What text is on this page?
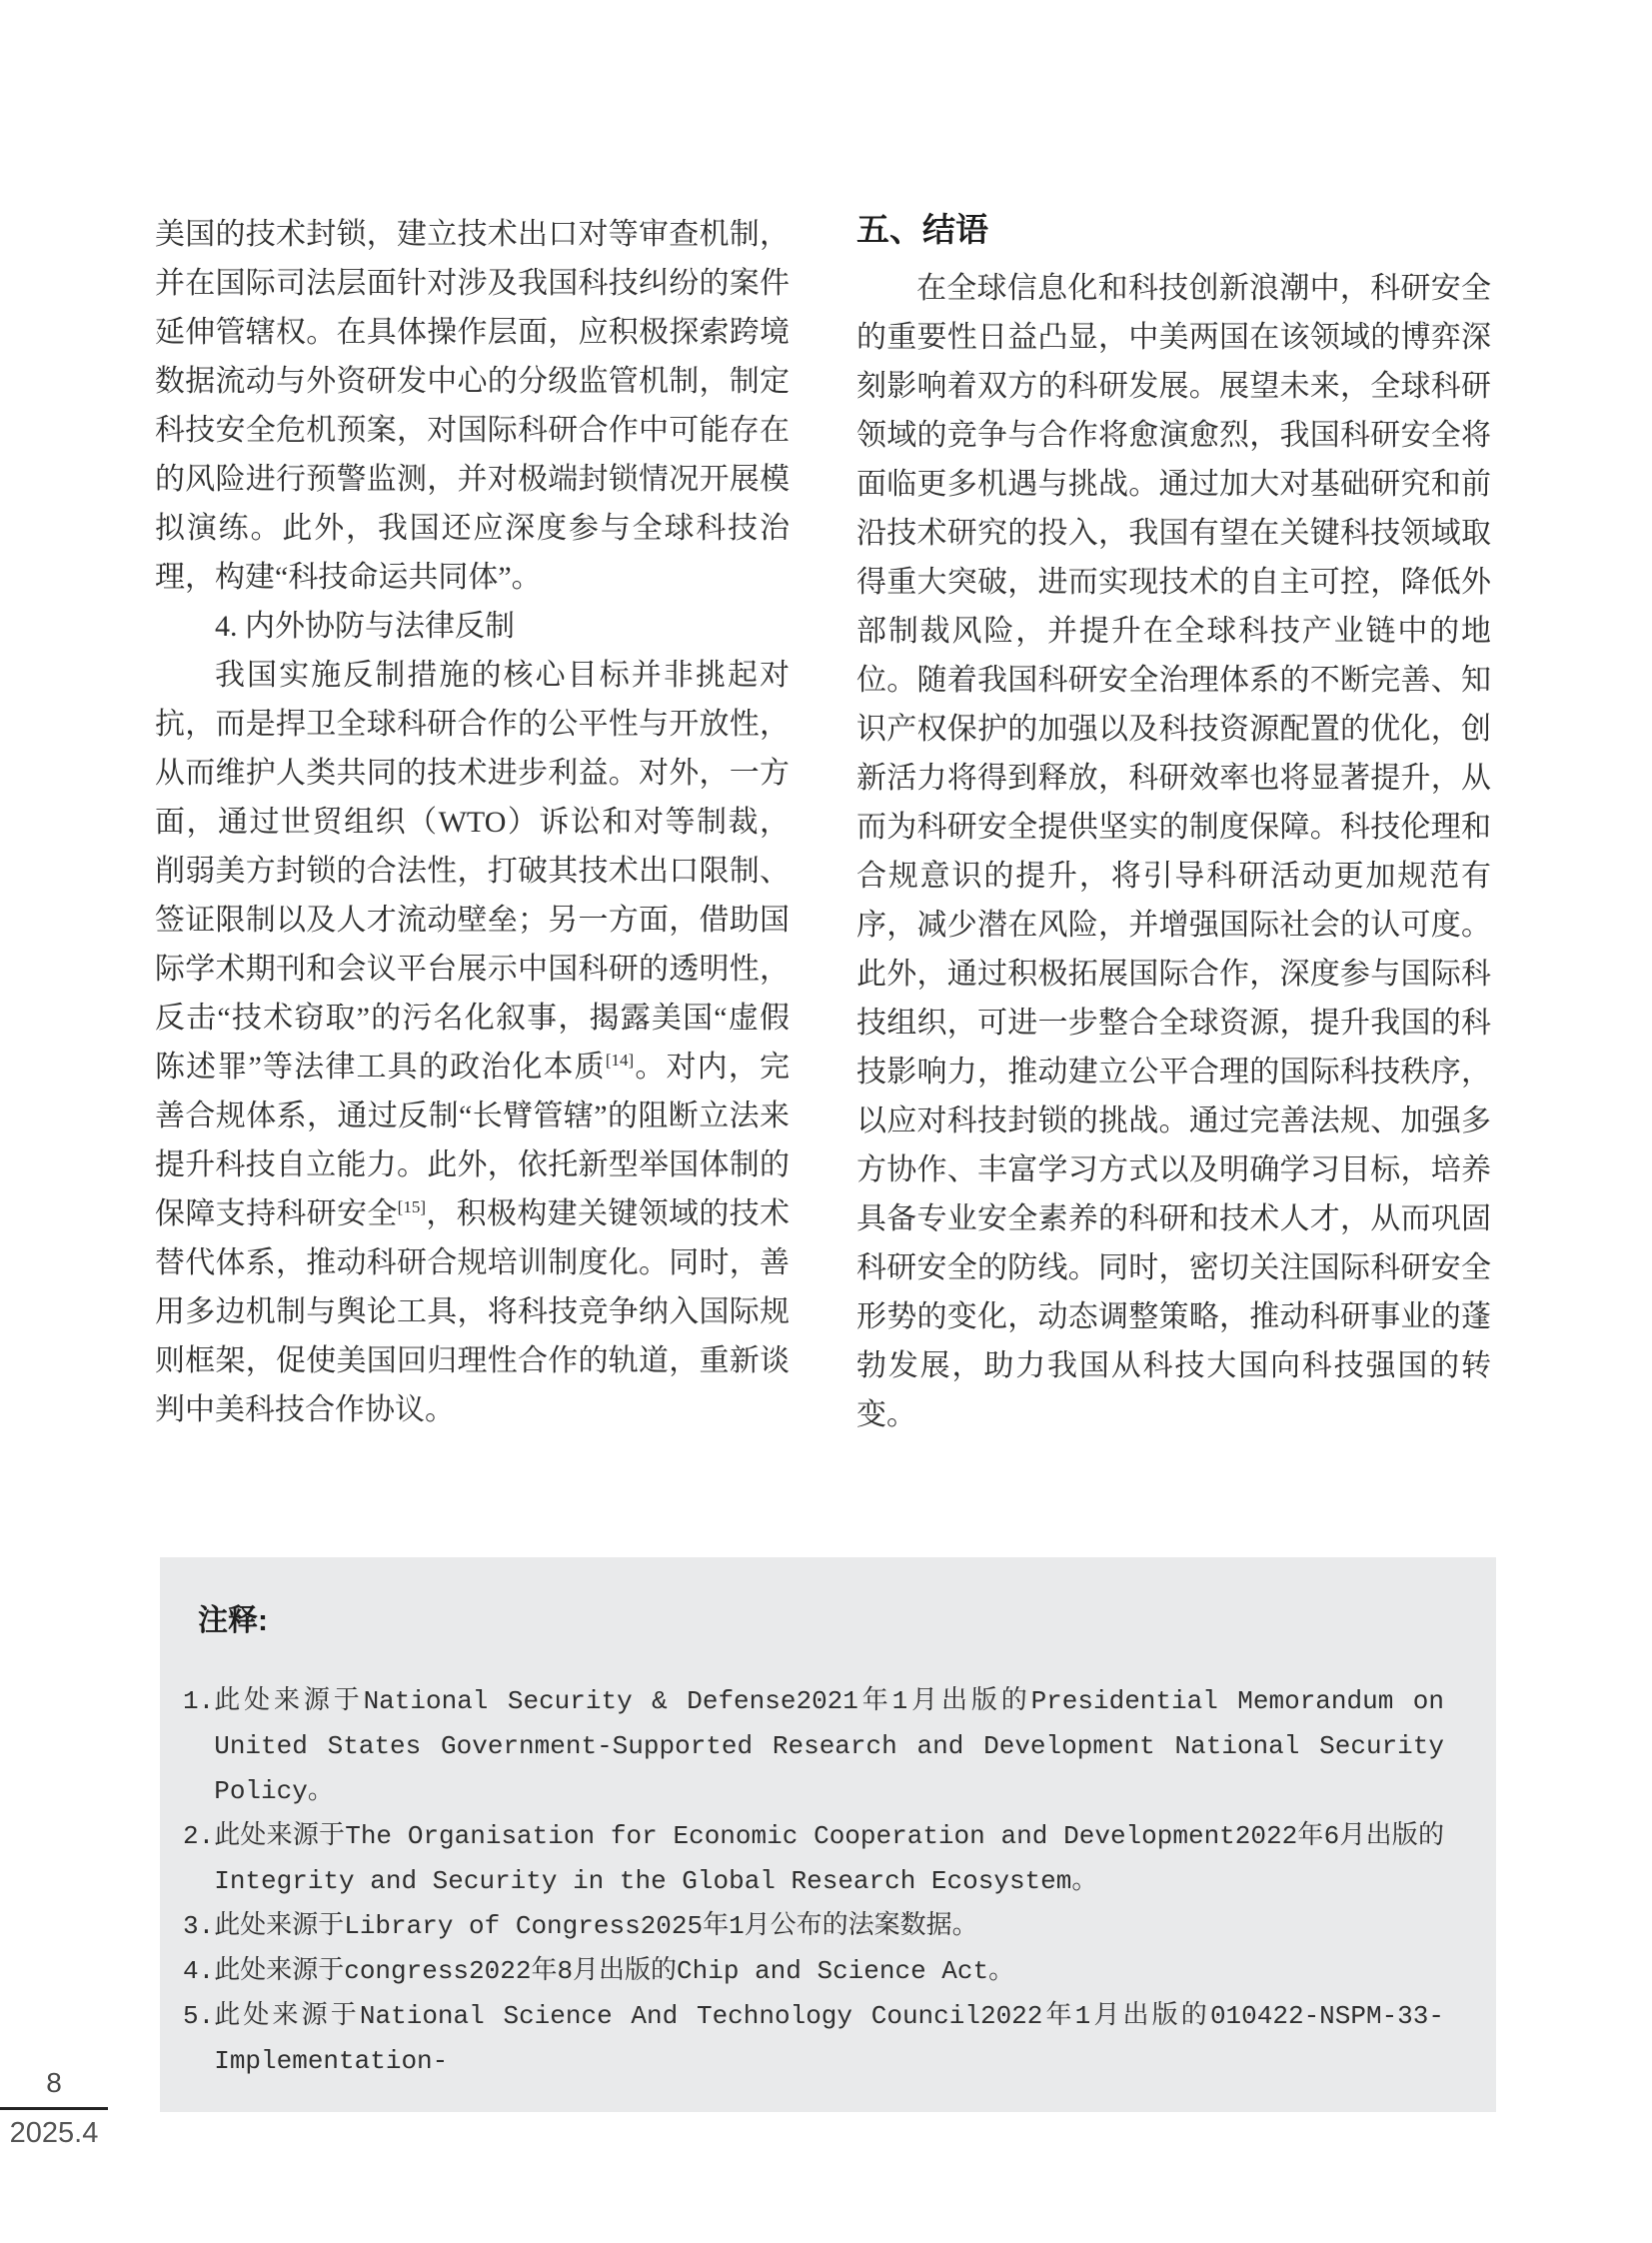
美国的技术封锁，建立技术出口对等审查机制，并在国际司法层面针对涉及我国科技纠纷的案件延伸管辖权。在具体操作层面，应积极探索跨境数据流动与外资研发中心的分级监管机制，制定科技安全危机预案，对国际科研合作中可能存在的风险进行预警监测，并对极端封锁情况开展模拟演练。此外，我国还应深度参与全球科技治理，构建“科技命运共同体”。

4. 内外协防与法律反制

我国实施反制措施的核心目标并非挑起对抗，而是捍卫全球科研合作的公平性与开放性，从而维护人类共同的技术进步利益。对外，一方面，通过世贸组织（WTO）诉讼和对等制裁，削弱美方封锁的合法性，打破其技术出口限制、签证限制以及人才流动壁垒；另一方面，借助国际学术期刊和会议平台展示中国科研的透明性，反击“技术窃取”的污名化叙事，揭露美国“虚假陈述罪”等法律工具的政治化本质[14]。对内，完善合规体系，通过反制“长臂管辖”的阻断立法来提升科技自立能力。此外，依托新型举国体制的保障支持科研安全[15]，积极构建关键领域的技术替代体系，推动科研合规培训制度化。同时，善用多边机制与舆论工具，将科技竞争纳入国际规则框架，促使美国回归理性合作的轨道，重新谈判中美科技合作协议。

五、结语

在全球信息化和科技创新浪潮中，科研安全的重要性日益凸显，中美两国在该领域的博弈深刻影响着双方的科研发展。展望未来，全球科研领域的竞争与合作将愈演愈烈，我国科研安全将面临更多机遇与挑战。通过加大对基础研究和前沿技术研究的投入，我国有望在关键科技领域取得重大突破，进而实现技术的自主可控，降低外部制裁风险，并提升在全球科技产业链中的地位。随着我国科研安全治理体系的不断完善、知识产权保护的加强以及科技资源配置的优化，创新活力将得到释放，科研效率也将显著提升，从而为科研安全提供坚实的制度保障。科技伦理和合规意识的提升，将引导科研活动更加规范有序，减少潜在风险，并增强国际社会的认可度。此外，通过积极拓展国际合作，深度参与国际科技组织，可进一步整合全球资源，提升我国的科技影响力，推动建立公平合理的国际科技秩序，以应对科技封锁的挑战。通过完善法规、加强多方协作、丰富学习方式以及明确学习目标，培养具备专业安全素养的科研和技术人才，从而巩固科研安全的防线。同时，密切关注国际科研安全形势的变化，动态调整策略，推动科研事业的蓬勃发展，助力我国从科技大国向科技强国的转变。

注释:
1. 此处来源于National Security & Defense2021年1月出版的Presidential Memorandum on United States Government-Supported Research and Development National Security Policy。
2. 此处来源于The Organisation for Economic Cooperation and Development2022年6月出版的Integrity and Security in the Global Research Ecosystem。
3. 此处来源于Library of Congress2025年1月公布的法案数据。
4. 此处来源于congress2022年8月出版的Chip and Science Act。
5. 此处来源于National Science And Technology Council2022年1月出版的010422-NSPM-33-Implementation-
8
2025.4
